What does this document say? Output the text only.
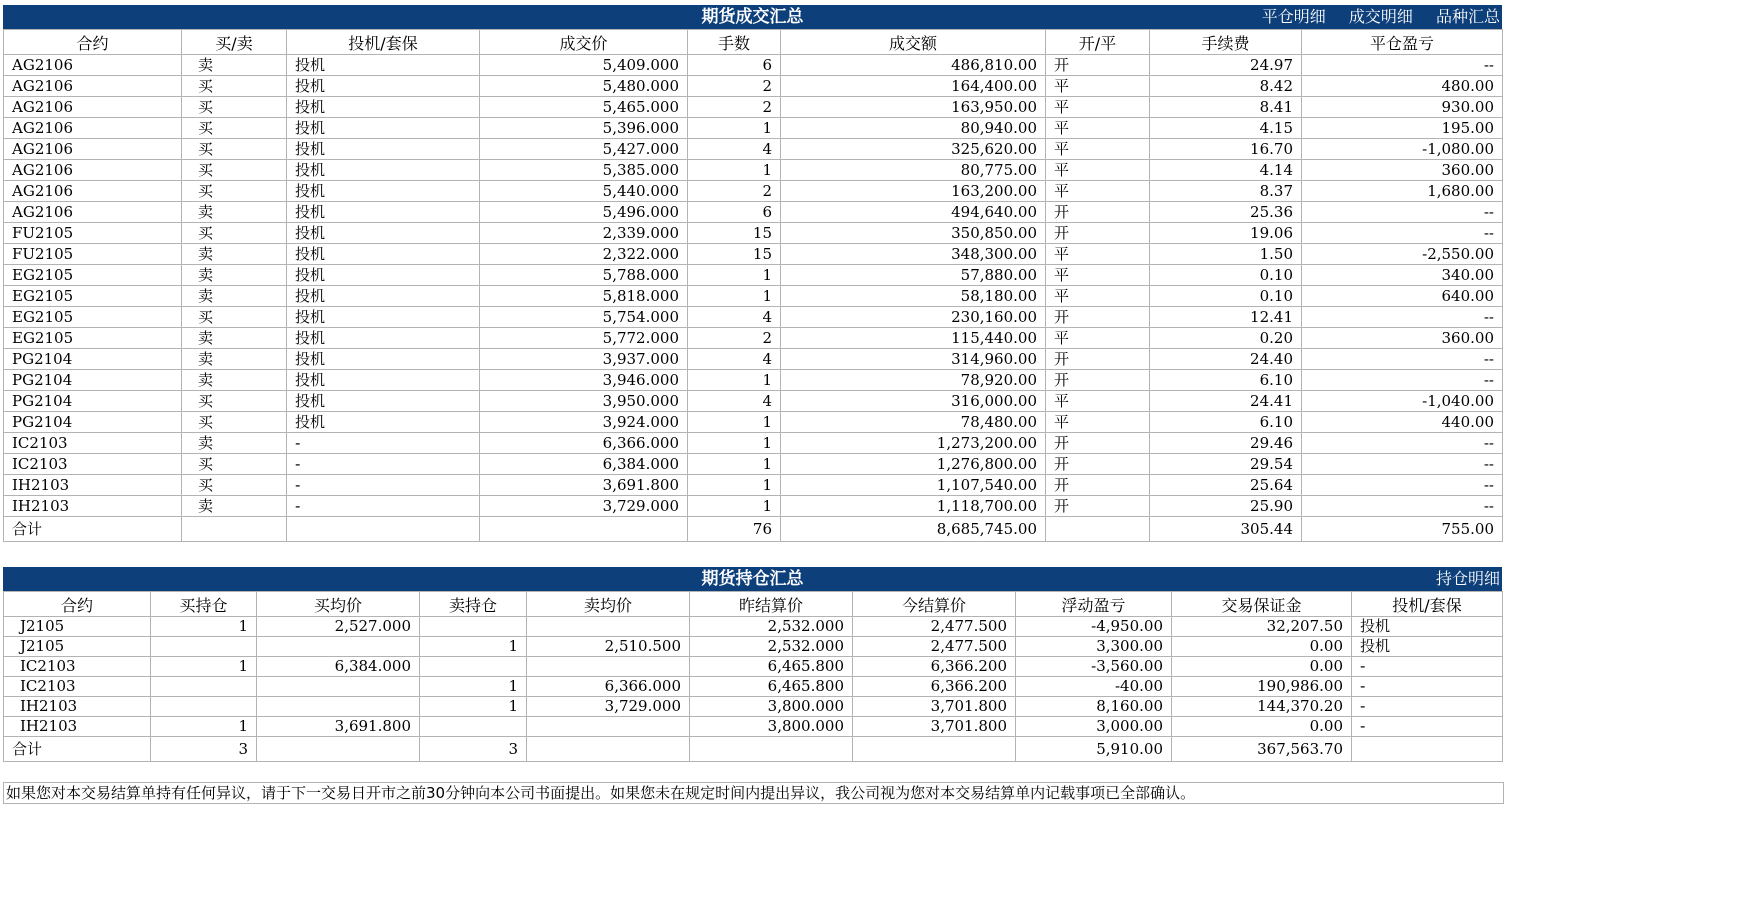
期货成交汇总	平仓明细 成交明细 品种汇总
合约	买/卖	投机/套保	成交价	手数	成交额	开/平	手续费	平仓盈亏
AG2106	卖	投机	5,409.000	6	486,810.00	开	24.97	--
AG2106	买	投机	5,480.000	2	164,400.00	平	8.42	480.00
AG2106	买	投机	5,465.000	2	163,950.00	平	8.41	930.00
AG2106	买	投机	5,396.000	1	80,940.00	平	4.15	195.00
AG2106	买	投机	5,427.000	4	325,620.00	平	16.70	-1,080.00
AG2106	买	投机	5,385.000	1	80,775.00	平	4.14	360.00
AG2106	买	投机	5,440.000	2	163,200.00	平	8.37	1,680.00
AG2106	卖	投机	5,496.000	6	494,640.00	开	25.36	--
FU2105	买	投机	2,339.000	15	350,850.00	开	19.06	--
FU2105	卖	投机	2,322.000	15	348,300.00	平	1.50	-2,550.00
EG2105	卖	投机	5,788.000	1	57,880.00	平	0.10	340.00
EG2105	卖	投机	5,818.000	1	58,180.00	平	0.10	640.00
EG2105	买	投机	5,754.000	4	230,160.00	开	12.41	--
EG2105	卖	投机	5,772.000	2	115,440.00	平	0.20	360.00
PG2104	卖	投机	3,937.000	4	314,960.00	开	24.40	--
PG2104	卖	投机	3,946.000	1	78,920.00	开	6.10	--
PG2104	买	投机	3,950.000	4	316,000.00	平	24.41	-1,040.00
PG2104	买	投机	3,924.000	1	78,480.00	平	6.10	440.00
IC2103	卖	-	6,366.000	1	1,273,200.00	开	29.46	--
IC2103	买	-	6,384.000	1	1,276,800.00	开	29.54	--
IH2103	买	-	3,691.800	1	1,107,540.00	开	25.64	--
IH2103	卖	-	3,729.000	1	1,118,700.00	开	25.90	--
合计				76	8,685,745.00		305.44	755.00
期货持仓汇总	持仓明细
合约	买持仓	买均价	卖持仓	卖均价	昨结算价	今结算价	浮动盈亏	交易保证金	投机/套保
J2105	1	2,527.000			2,532.000	2,477.500	-4,950.00	32,207.50	投机
J2105			1	2,510.500	2,532.000	2,477.500	3,300.00	0.00	投机
IC2103	1	6,384.000			6,465.800	6,366.200	-3,560.00	0.00	-
IC2103			1	6,366.000	6,465.800	6,366.200	-40.00	190,986.00	-
IH2103			1	3,729.000	3,800.000	3,701.800	8,160.00	144,370.20	-
IH2103	1	3,691.800			3,800.000	3,701.800	3,000.00	0.00	-
合计	3		3				5,910.00	367,563.70	
如果您对本交易结算单持有任何异议，请于下一交易日开市之前30分钟向本公司书面提出。如果您未在规定时间内提出异议，我公司视为您对本交易结算单内记载事项已全部确认。
